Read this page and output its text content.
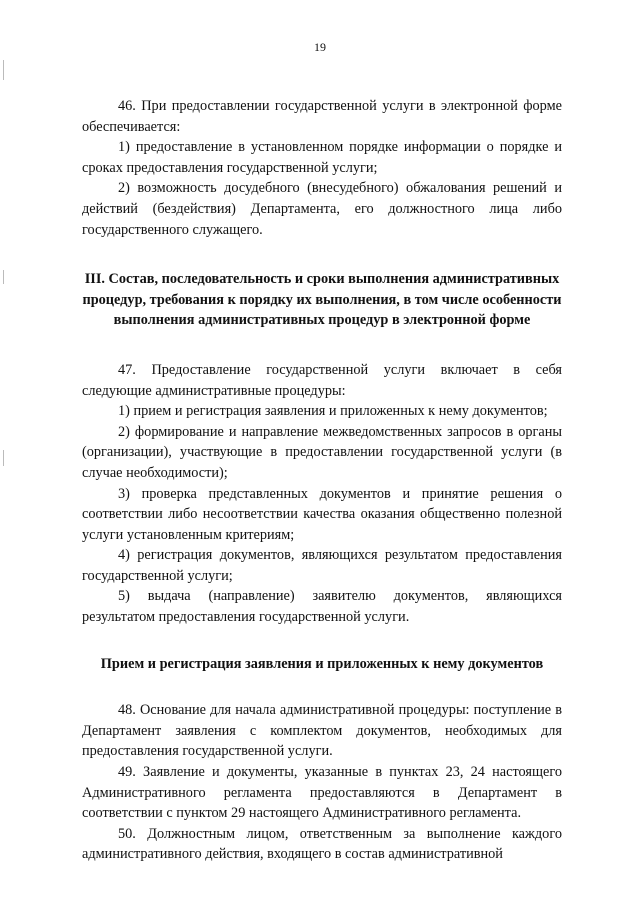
19

46. При предоставлении государственной услуги в электронной форме обеспечивается:

1) предоставление в установленном порядке информации о порядке и сроках предоставления государственной услуги;

2) возможность досудебного (внесудебного) обжалования решений и действий (бездействия) Департамента, его должностного лица либо государственного служащего.

III. Состав, последовательность и сроки выполнения административных процедур, требования к порядку их выполнения, в том числе особенности выполнения административных процедур в электронной форме

47. Предоставление государственной услуги включает в себя следующие административные процедуры:

1) прием и регистрация заявления и приложенных к нему документов;

2) формирование и направление межведомственных запросов в органы (организации), участвующие в предоставлении государственной услуги (в случае необходимости);

3) проверка представленных документов и принятие решения о соответствии либо несоответствии качества оказания общественно полезной услуги установленным критериям;

4) регистрация документов, являющихся результатом предоставления государственной услуги;

5) выдача (направление) заявителю документов, являющихся результатом предоставления государственной услуги.

Прием и регистрация заявления и приложенных к нему документов

48. Основание для начала административной процедуры: поступление в Департамент заявления с комплектом документов, необходимых для предоставления государственной услуги.

49. Заявление и документы, указанные в пунктах 23, 24 настоящего Административного регламента предоставляются в Департамент в соответствии с пунктом 29 настоящего Административного регламента.

50. Должностным лицом, ответственным за выполнение каждого административного действия, входящего в состав административной
